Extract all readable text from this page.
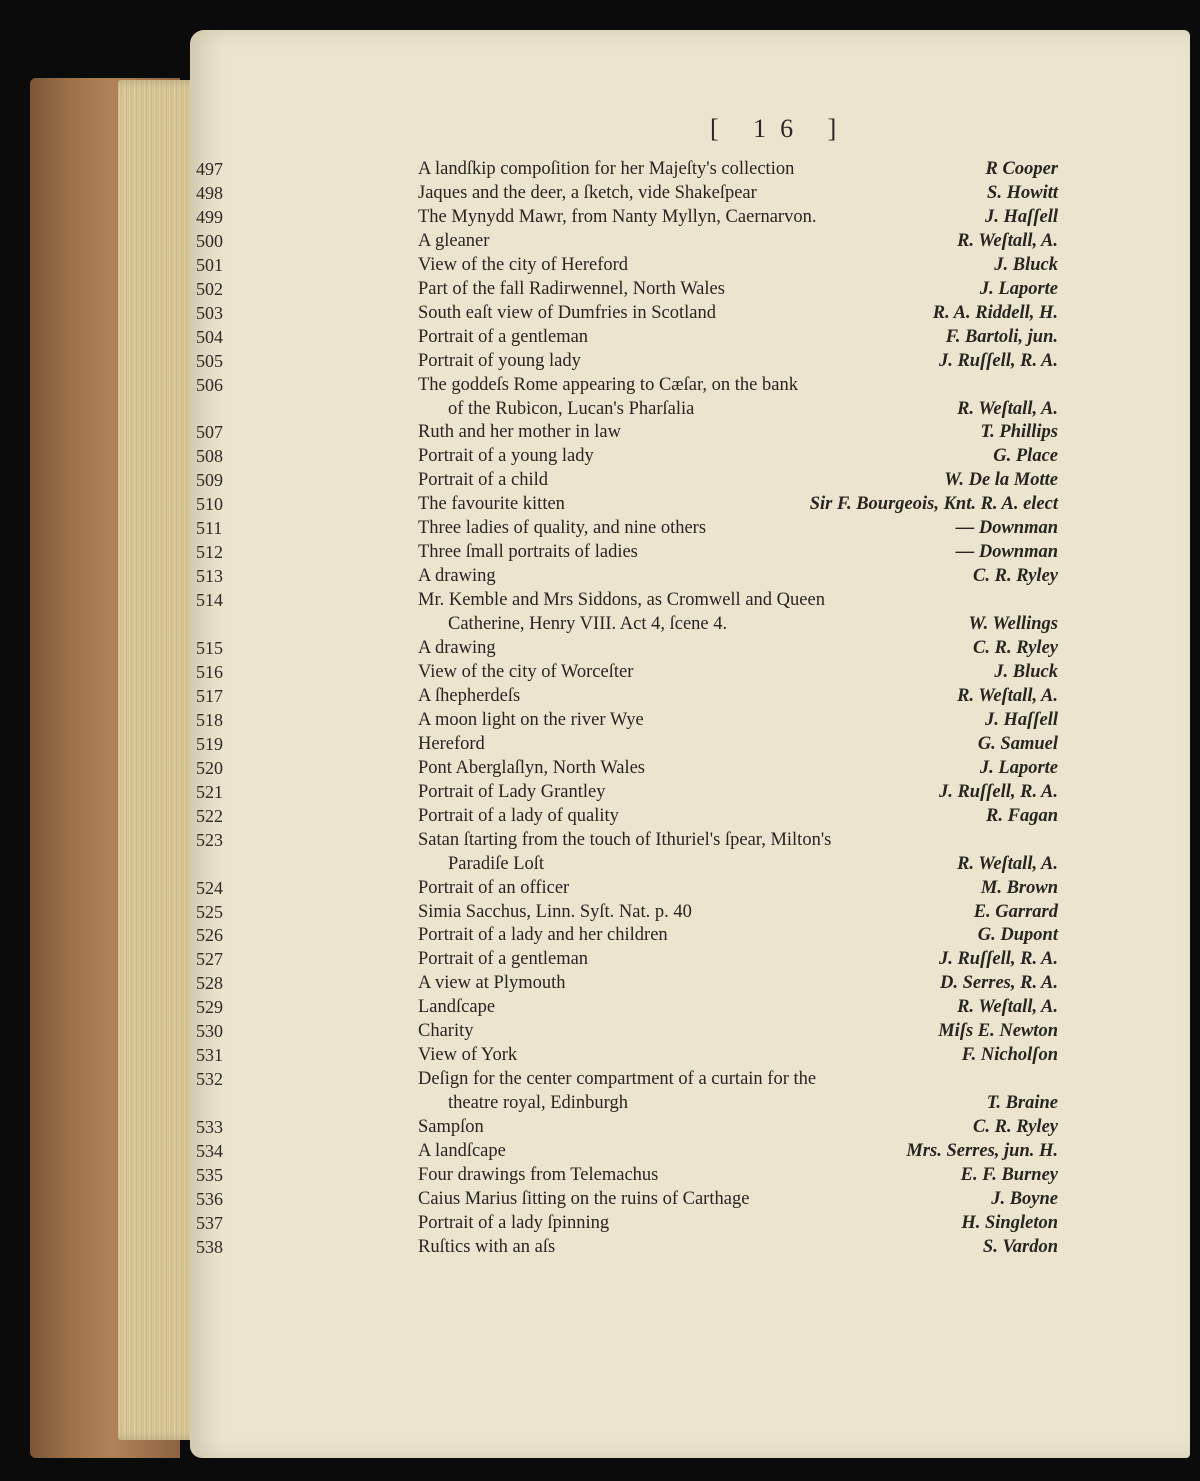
[ 16 ]
497	A landſkip compoſition for her Majeſty's collection	R Cooper
498	Jaques and the deer, a ſketch, vide Shakeſpear	S. Howitt
499	The Mynydd Mawr, from Nanty Myllyn, Caernarvon.	J. Haſſell
500	A gleaner	R. Weſtall, A.
501	View of the city of Hereford	J. Bluck
502	Part of the fall Radirwennel, North Wales	J. Laporte
503	South eaſt view of Dumfries in Scotland	R. A. Riddell, H.
504	Portrait of a gentleman	F. Bartoli, jun.
505	Portrait of young lady	J. Ruſſell, R. A.
506	The goddeſs Rome appearing to Cæſar, on the bank
of the Rubicon, Lucan's Pharſalia	R. Weſtall, A.
507	Ruth and her mother in law	T. Phillips
508	Portrait of a young lady	G. Place
509	Portrait of a child	W. De la Motte
510	The favourite kitten	Sir F. Bourgeois, Knt. R. A. elect
511	Three ladies of quality, and nine others	— Downman
512	Three ſmall portraits of ladies	— Downman
513	A drawing	C. R. Ryley
514	Mr. Kemble and Mrs Siddons, as Cromwell and Queen
Catherine, Henry VIII. Act 4, ſcene 4.	W. Wellings
515	A drawing	C. R. Ryley
516	View of the city of Worceſter	J. Bluck
517	A ſhepherdeſs	R. Weſtall, A.
518	A moon light on the river Wye	J. Haſſell
519	Hereford	G. Samuel
520	Pont Aberglaſlyn, North Wales	J. Laporte
521	Portrait of Lady Grantley	J. Ruſſell, R. A.
522	Portrait of a lady of quality	R. Fagan
523	Satan ſtarting from the touch of Ithuriel's ſpear, Milton's
Paradiſe Loſt	R. Weſtall, A.
524	Portrait of an officer	M. Brown
525	Simia Sacchus, Linn. Syſt. Nat. p. 40	E. Garrard
526	Portrait of a lady and her children	G. Dupont
527	Portrait of a gentleman	J. Ruſſell, R. A.
528	A view at Plymouth	D. Serres, R. A.
529	Landſcape	R. Weſtall, A.
530	Charity	Miſs E. Newton
531	View of York	F. Nicholſon
532	Deſign for the center compartment of a curtain for the
theatre royal, Edinburgh	T. Braine
533	Sampſon	C. R. Ryley
534	A landſcape	Mrs. Serres, jun. H.
535	Four drawings from Telemachus	E. F. Burney
536	Caius Marius ſitting on the ruins of Carthage	J. Boyne
537	Portrait of a lady ſpinning	H. Singleton
538	Ruſtics with an aſs	S. Vardon
